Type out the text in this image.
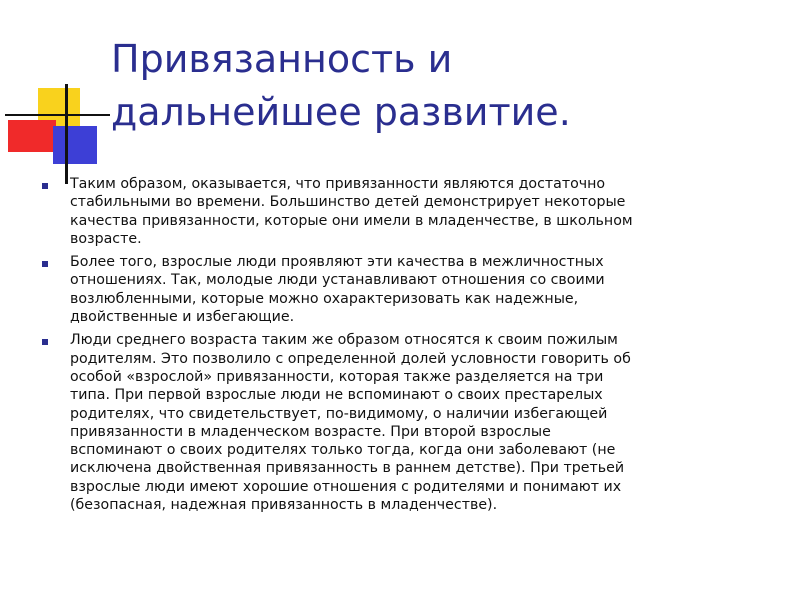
Привязанность и
дальнейшее развитие.
Таким образом, оказывается, что привязанности являются достаточно
стабильными во времени. Большинство детей демонстрирует некоторые
качества привязанности, которые они имели в младенчестве, в школьном
возрасте.
Более того, взрослые люди проявляют эти качества в межличностных
отношениях. Так, молодые люди устанавливают отношения со своими
возлюбленными, которые можно охарактеризовать как надежные,
двойственные и избегающие.
Люди среднего возраста таким же образом относятся к своим пожилым
родителям. Это позволило с определенной долей условности говорить об
особой «взрослой» привязанности, которая также разделяется на три
типа. При первой взрослые люди не вспоминают о своих престарелых
родителях, что свидетельствует, по-видимому, о наличии избегающей
привязанности в младенческом возрасте. При второй взрослые
вспоминают о своих родителях только тогда, когда они заболевают (не
исключена двойственная привязанность в раннем детстве). При третьей
взрослые люди имеют хорошие отношения с родителями и понимают их
(безопасная, надежная привязанность в младенчестве).
